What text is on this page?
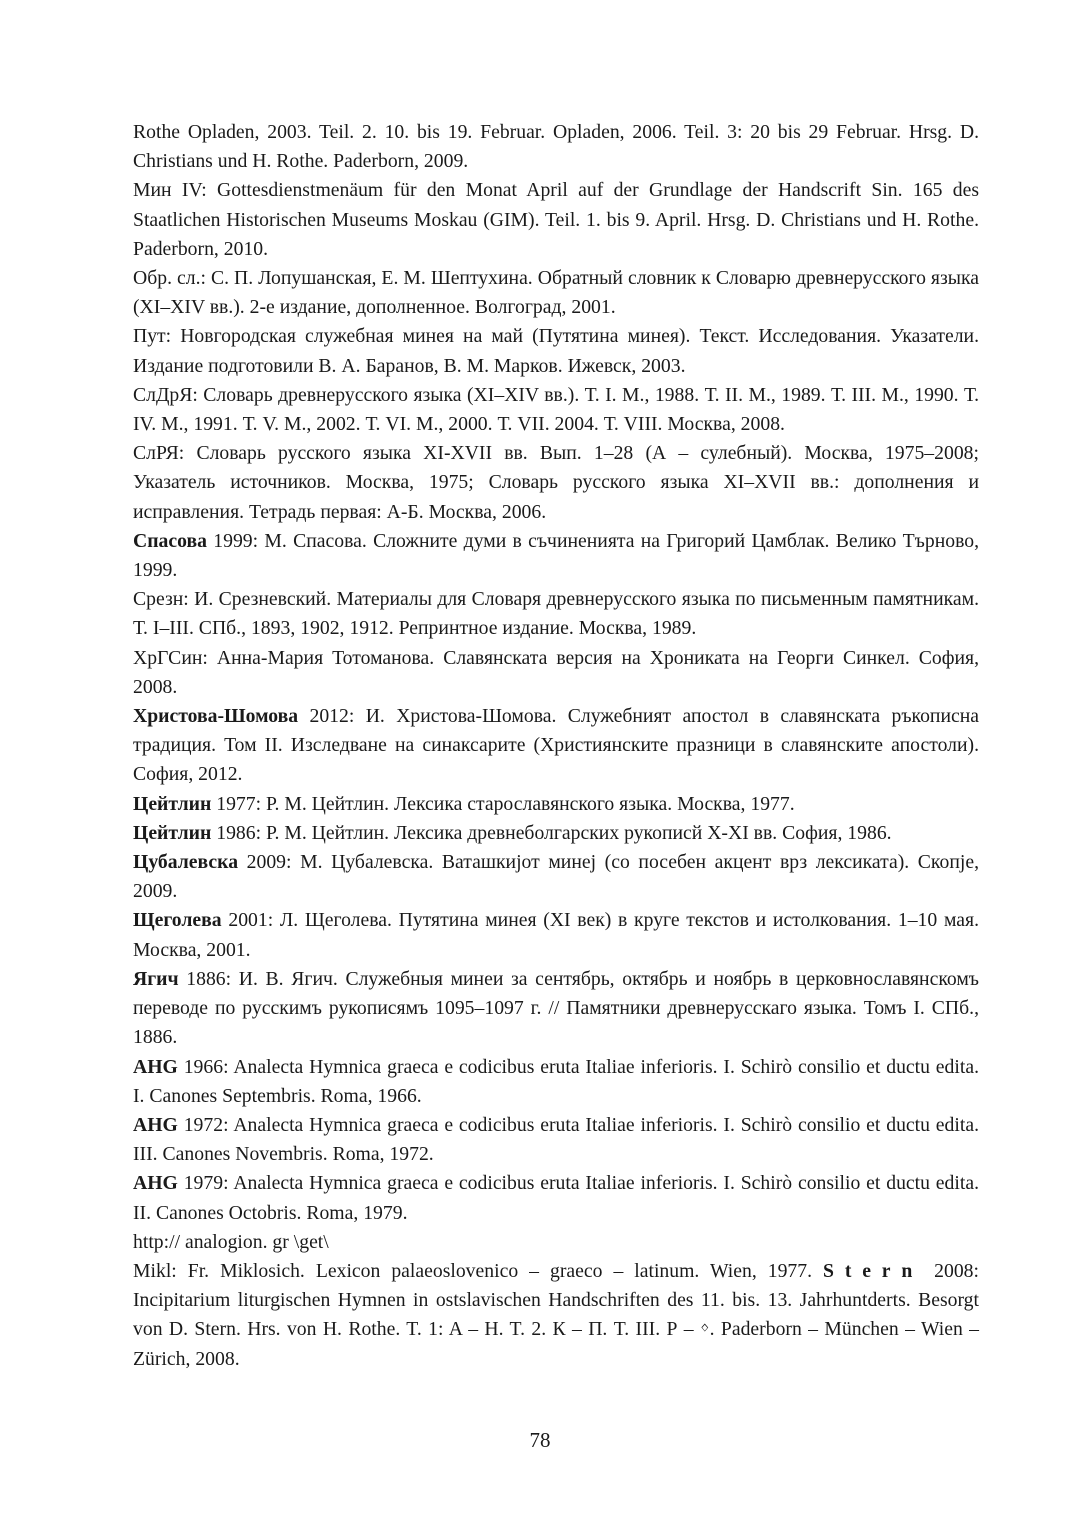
Rothe Opladen, 2003. Teil. 2. 10. bis 19. Februar. Opladen, 2006. Teil. 3: 20 bis 29 Februar. Hrsg. D. Christians und H. Rothe. Paderborn, 2009.

Мин IV: Gottesdienstmenäum für den Monat April auf der Grundlage der Handscrift Sin. 165 des Staatlichen Historischen Museums Moskau (GIM). Teil. 1. bis 9. April. Hrsg. D. Christians und H. Rothe. Paderborn, 2010.

Обр. сл.: С. П. Лопушанская, Е. М. Шептухина. Обратный словник к Словарю древнерусского языка (XI–XIV вв.). 2-е издание, дополненное. Волгоград, 2001.

Пут: Новгородская служебная минея на май (Путятина минея). Текст. Исследования. Указатели. Издание подготовили В. А. Баранов, В. М. Марков. Ижевск, 2003.

СлДрЯ: Словарь древнерусского языка (XI–XIV вв.). Т. I. М., 1988. Т. II. М., 1989. Т. III. М., 1990. Т. IV. М., 1991. Т. V. М., 2002. Т. VI. М., 2000. Т. VII. 2004. Т. VIII. Москва, 2008.

СлРЯ: Словарь русского языка XI-XVII вв. Вып. 1–28 (А – сулебный). Москва, 1975–2008; Указатель источников. Москва, 1975; Словарь русского языка XI–XVII вв.: дополнения и исправления. Тетрадь первая: А-Б. Москва, 2006.

Спасова 1999: М. Спасова. Сложните думи в съчиненията на Григорий Цамблак. Велико Търново, 1999.

Срезн: И. Срезневский. Материалы для Словаря древнерусского языка по письменным памятникам. Т. I–III. СПб., 1893, 1902, 1912. Репринтное издание. Москва, 1989.

ХрГСин: Анна-Мария Тотоманова. Славянската версия на Хрониката на Георги Синкел. София, 2008.

Христова-Шомова 2012: И. Христова-Шомова. Служебният апостол в славянската ръкописна традиция. Том II. Изследване на синаксарите (Християнските празници в славянските апостоли). София, 2012.

Цейтлин 1977: Р. М. Цейтлин. Лексика старославянского языка. Москва, 1977.

Цейтлин 1986: Р. М. Цейтлин. Лексика древнеболгарских рукописй X-XI вв. София, 1986.

Цубалевска 2009: М. Цубалевска. Ваташкиjот минеj (со посебен акцент врз лексиката). Скопjе, 2009.

Щеголева 2001: Л. Щеголева. Путятина минея (XI век) в круге текстов и истолкования. 1–10 мая. Москва, 2001.

Ягич 1886: И. В. Ягич. Служебныя минеи за сентябрь, октябрь и ноябрь в церковнославянскомъ переводе по русскимъ рукописямъ 1095–1097 г. // Памятники древнерусскаго языка. Томъ I. СПб., 1886.

AHG 1966: Analecta Hymnica graeca e codicibus eruta Italiae inferioris. I. Schirò consilio et ductu edita. I. Canones Septembris. Roma, 1966.

AHG 1972: Analecta Hymnica graeca e codicibus eruta Italiae inferioris. I. Schirò consilio et ductu edita. III. Canones Novembris. Roma, 1972.

AHG 1979: Analecta Hymnica graeca e codicibus eruta Italiae inferioris. I. Schirò consilio et ductu edita. II. Canones Octobris. Roma, 1979.

http:// analogion. gr \get\

Mikl: Fr. Miklosich. Lexicon palaeoslovenico – graeco – latinum. Wien, 1977. Stern 2008: Incipitarium liturgischen Hymnen in ostslavischen Handschriften des 11. bis. 13. Jahrhuntderts. Besorgt von D. Stern. Hrs. von H. Rothe. T. 1: A – H. T. 2. К – П. T. III. Р – ᛜ. Paderborn – München – Wien – Zürich, 2008.

78
